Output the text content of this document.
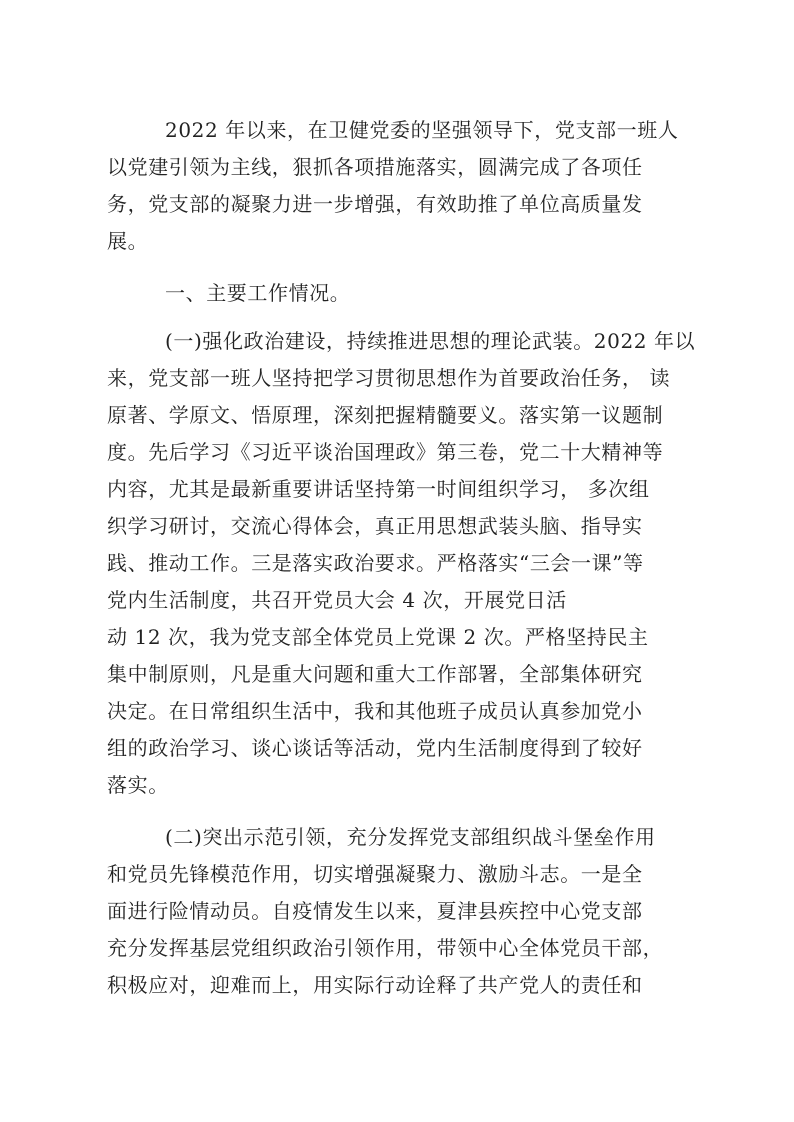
2022 年以来，在卫健党委的坚强领导下，党支部一班人
以党建引领为主线，狠抓各项措施落实，圆满完成了各项任
务，党支部的凝聚力进一步增强，有效助推了单位高质量发
展。
一、主要工作情况。
(一)强化政治建设，持续推进思想的理论武装。2022 年以
来，党支部一班人坚持把学习贯彻思想作为首要政治任务， 读
原著、学原文、悟原理，深刻把握精髓要义。落实第一议题制
度。先后学习《习近平谈治国理政》第三卷，党二十大精神等
内容，尤其是最新重要讲话坚持第一时间组织学习， 多次组
织学习研讨，交流心得体会，真正用思想武装头脑、指导实
践、推动工作。三是落实政治要求。严格落实“三会一课”等
党内生活制度，共召开党员大会 4 次，开展党日活
动 12 次，我为党支部全体党员上党课 2 次。严格坚持民主
集中制原则，凡是重大问题和重大工作部署，全部集体研究
决定。在日常组织生活中，我和其他班子成员认真参加党小
组的政治学习、谈心谈话等活动，党内生活制度得到了较好
落实。
(二)突出示范引领，充分发挥党支部组织战斗堡垒作用
和党员先锋模范作用，切实增强凝聚力、激励斗志。一是全
面进行险情动员。自疫情发生以来，夏津县疾控中心党支部
充分发挥基层党组织政治引领作用，带领中心全体党员干部，
积极应对，迎难而上，用实际行动诠释了共产党人的责任和
